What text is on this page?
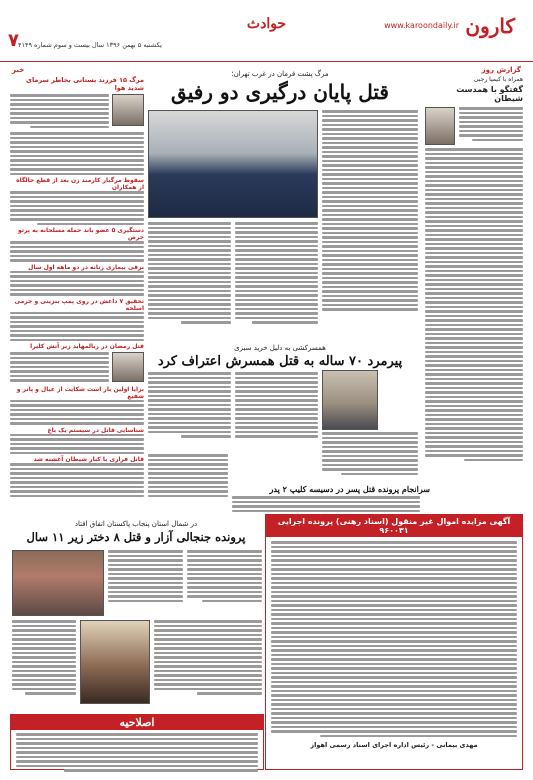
کارون
www.karoondaily.ir
حوادث
یکشنبه ۵ بهمن ۱۳۹۶ سال بیست و سوم شماره ۴۱۴۹
۷
گزارش روز
خبر
همراه با کیمیا رجبی
گفتگو با همدست شیطان
مرگ پشت فرمان در غرب تهران؛
قتل پایان درگیری دو رفیق
همسرکشی به دلیل خرید سبزی
پیرمرد ۷۰ ساله به قتل همسرش اعتراف کرد
سرانجام پرونده قتل پسر در دسیسه کلیپ ۲ پدر
مرگ ۱۵ فرزند بستانی بخاطر سرمای شدید هوا
سقوط مرگبار کارمند زن بعد از قطع حالگاه از همکاران
دستگیری ۵ عضو باند حمله مسلحانه به پرتو حرص
نرقی بیماری زنانه در دو ماهه اول سال
تحقیق ۷ داعش در روی پمپ بنزینی و جرمی اسلحه
قتل رمضان در زبالمهاید زیر آتش کلیرا
برایا اولین بار است شکایت از عیال و پاتر و شفیع
شناسایی قاتل در سیستم یک باغ
قاتل فراری با کنار شیطان آغشته شد
آگهی مزایده اموال غیر منقول (اسناد رهنی) پرونده اجرایی ۹۶۰۰۳۱
مهدی بیمانی - رئیس اداره اجرای اسناد رسمی اهواز
در شمال استان پنجاب پاکستان اتفاق افتاد
پرونده جنجالی آزار و قتل ۸ دختر زیر ۱۱ سال
اصلاحیه
